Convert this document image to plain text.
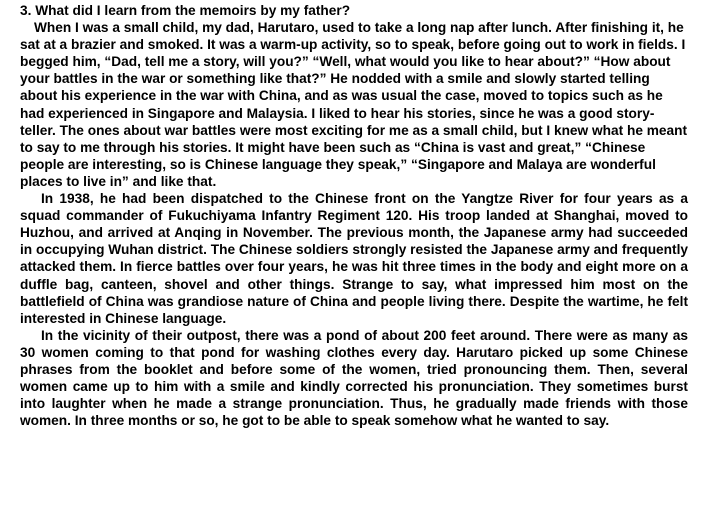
3. What did I learn from the memoirs by my father?

When I was a small child, my dad, Harutaro, used to take a long nap after lunch. After finishing it, he sat at a brazier and smoked. It was a warm-up activity, so to speak, before going out to work in fields. I begged him, “Dad, tell me a story, will you?” “Well, what would you like to hear about?” “How about your battles in the war or something like that?” He nodded with a smile and slowly started telling about his experience in the war with China, and as was usual the case, moved to topics such as he had experienced in Singapore and Malaysia. I liked to hear his stories, since he was a good story-teller. The ones about war battles were most exciting for me as a small child, but I knew what he meant to say to me through his stories. It might have been such as “China is vast and great,” “Chinese people are interesting, so is Chinese language they speak,” “Singapore and Malaya are wonderful places to live in” and like that.

In 1938, he had been dispatched to the Chinese front on the Yangtze River for four years as a squad commander of Fukuchiyama Infantry Regiment 120. His troop landed at Shanghai, moved to Huzhou, and arrived at Anqing in November. The previous month, the Japanese army had succeeded in occupying Wuhan district. The Chinese soldiers strongly resisted the Japanese army and frequently attacked them. In fierce battles over four years, he was hit three times in the body and eight more on a duffle bag, canteen, shovel and other things. Strange to say, what impressed him most on the battlefield of China was grandiose nature of China and people living there. Despite the wartime, he felt interested in Chinese language.

In the vicinity of their outpost, there was a pond of about 200 feet around. There were as many as 30 women coming to that pond for washing clothes every day. Harutaro picked up some Chinese phrases from the booklet and before some of the women, tried pronouncing them. Then, several women came up to him with a smile and kindly corrected his pronunciation. They sometimes burst into laughter when he made a strange pronunciation. Thus, he gradually made friends with those women. In three months or so, he got to be able to speak somehow what he wanted to say.
